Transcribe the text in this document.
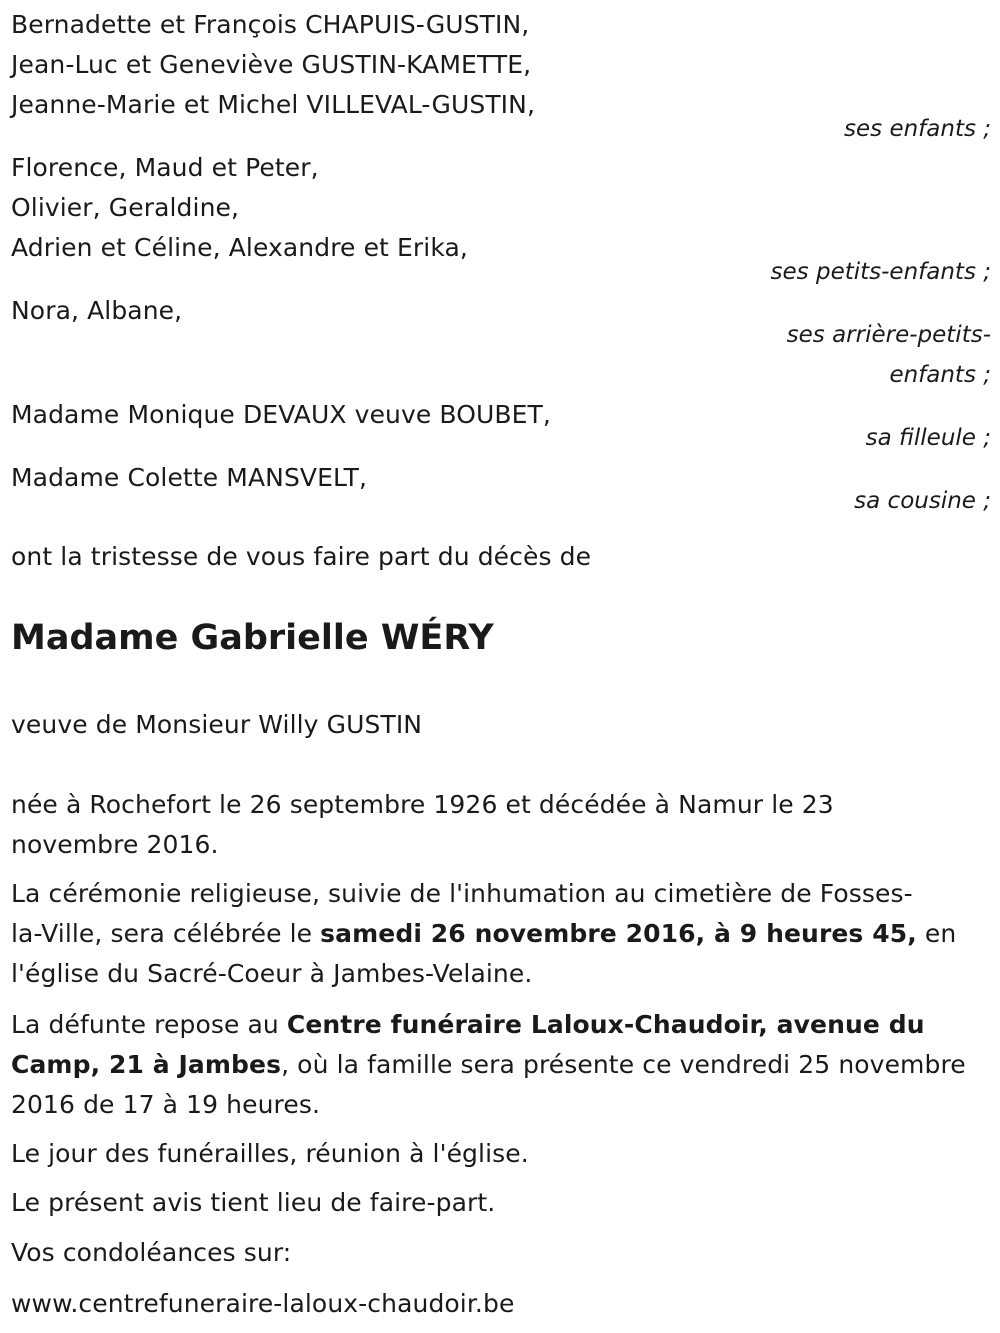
Bernadette et François CHAPUIS-GUSTIN,
Jean-Luc et Geneviève GUSTIN-KAMETTE,
Jeanne-Marie et Michel VILLEVAL-GUSTIN,
ses enfants ;
Florence, Maud et Peter,
Olivier, Geraldine,
Adrien et Céline, Alexandre et Erika,
ses petits-enfants ;
Nora, Albane,
ses arrière-petits-
enfants ;
Madame Monique DEVAUX veuve BOUBET,
sa filleule ;
Madame Colette MANSVELT,
sa cousine ;
ont la tristesse de vous faire part du décès de
Madame Gabrielle WÉRY
veuve de Monsieur Willy GUSTIN
née à Rochefort le 26 septembre 1926 et décédée à Namur le 23
novembre 2016.
La cérémonie religieuse, suivie de l'inhumation au cimetière de Fosses-
la-Ville, sera célébrée le samedi 26 novembre 2016, à 9 heures 45, en
l'église du Sacré-Coeur à Jambes-Velaine.
La défunte repose au Centre funéraire Laloux-Chaudoir, avenue du
Camp, 21 à Jambes, où la famille sera présente ce vendredi 25 novembre
2016 de 17 à 19 heures.
Le jour des funérailles, réunion à l'église.
Le présent avis tient lieu de faire-part.
Vos condoléances sur:
www.centrefuneraire-laloux-chaudoir.be
